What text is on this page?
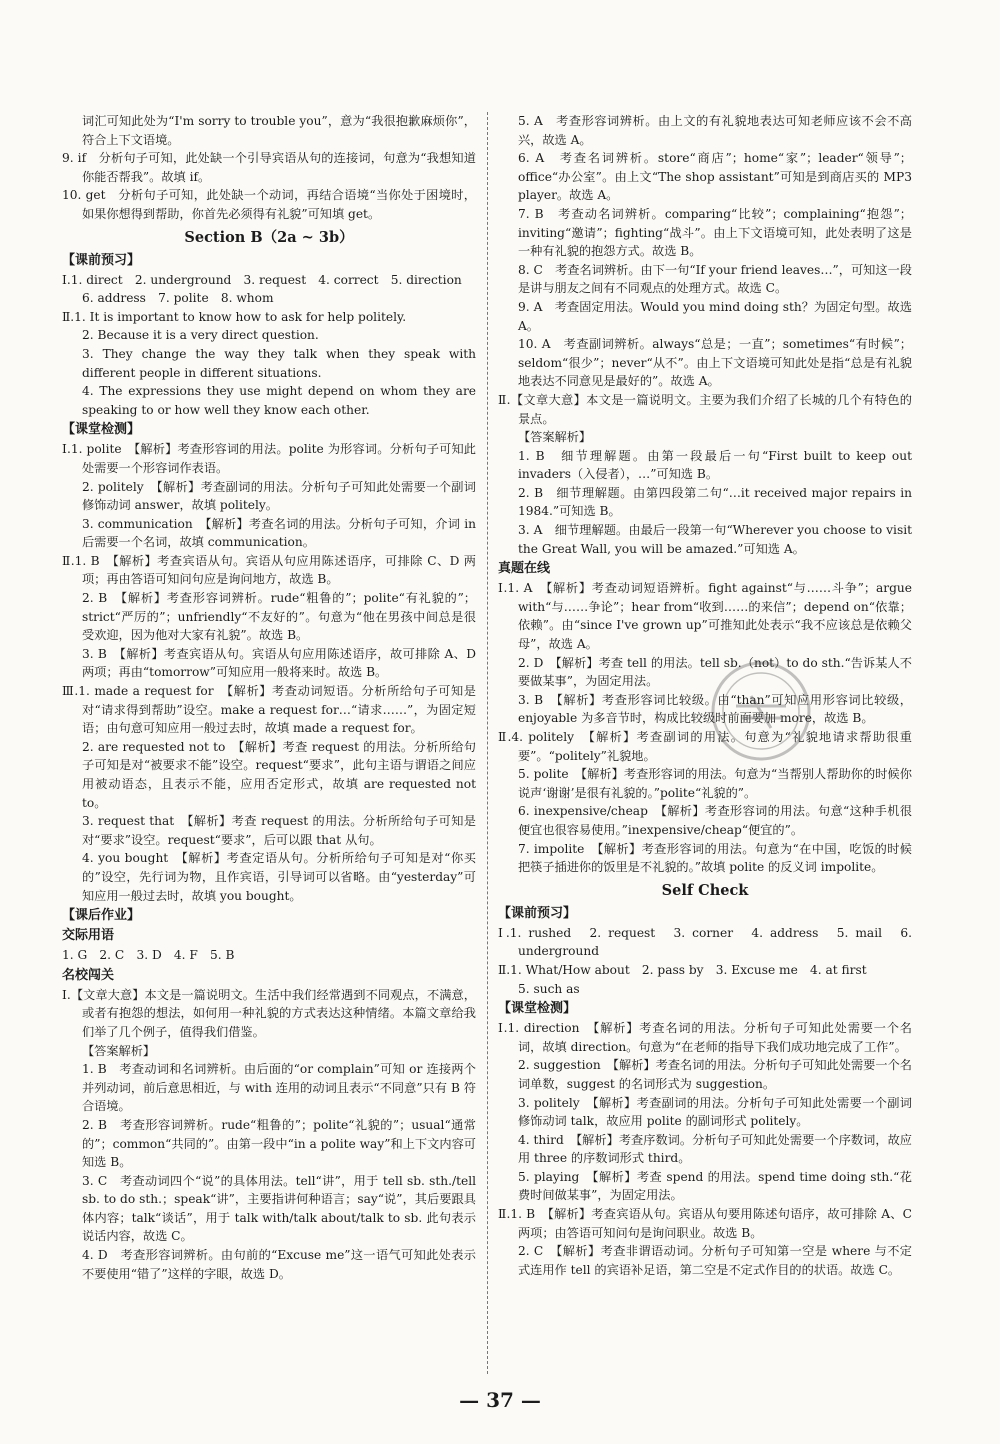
词汇可知此处为“I'm sorry to trouble you”，意为“我很抱歉麻烦你”，符合上下文语境。

9. if　分析句子可知，此处缺一个引导宾语从句的连接词，句意为“我想知道你能否帮我”。故填 if。

10. get　分析句子可知，此处缺一个动词，再结合语境“当你处于困境时，如果你想得到帮助，你首先必须得有礼貌”可知填 get。

Section B（2a ~ 3b）
【课前预习】

Ⅰ.1. direct　2. underground　3. request　4. correct　5. direction

6. address　7. polite　8. whom

Ⅱ.1. It is important to know how to ask for help politely.

2. Because it is a very direct question.

3. They change the way they talk when they speak with different people in different situations.

4. The expressions they use might depend on whom they are speaking to or how well they know each other.

【课堂检测】

Ⅰ.1. polite　【解析】考查形容词的用法。polite 为形容词。分析句子可知此处需要一个形容词作表语。

2. politely　【解析】考查副词的用法。分析句子可知此处需要一个副词修饰动词 answer，故填 politely。

3. communication　【解析】考查名词的用法。分析句子可知，介词 in 后需要一个名词，故填 communication。

Ⅱ.1. B　【解析】考查宾语从句。宾语从句应用陈述语序，可排除 C、D 两项；再由答语可知问句应是询问地方，故选 B。

2. B　【解析】考查形容词辨析。rude“粗鲁的”；polite“有礼貌的”；strict“严厉的”；unfriendly“不友好的”。句意为“他在男孩中间总是很受欢迎，因为他对大家有礼貌”。故选 B。

3. B　【解析】考查宾语从句。宾语从句应用陈述语序，故可排除 A、D 两项；再由“tomorrow”可知应用一般将来时。故选 B。

Ⅲ.1. made a request for　【解析】考查动词短语。分析所给句子可知是对“请求得到帮助”设空。make a request for…“请求……”，为固定短语；由句意可知应用一般过去时，故填 made a request for。

2. are requested not to　【解析】考查 request 的用法。分析所给句子可知是对“被要求不能”设空。request“要求”，此句主语与谓语之间应用被动语态，且表示不能，应用否定形式，故填 are requested not to。

3. request that　【解析】考查 request 的用法。分析所给句子可知是对“要求”设空。request“要求”，后可以跟 that 从句。

4. you bought　【解析】考查定语从句。分析所给句子可知是对“你买的”设空，先行词为物，且作宾语，引导词可以省略。由“yesterday”可知应用一般过去时，故填 you bought。

【课后作业】
交际用语

1. G　2. C　3. D　4. F　5. B

名校闯关

Ⅰ.【文章大意】本文是一篇说明文。生活中我们经常遇到不同观点，不满意，或者有抱怨的想法，如何用一种礼貌的方式表达这种情绪。本篇文章给我们举了几个例子，值得我们借鉴。

【答案解析】

1. B　考查动词和名词辨析。由后面的“or complain”可知 or 连接两个并列动词，前后意思相近，与 with 连用的动词且表示“不同意”只有 B 符合语境。

2. B　考查形容词辨析。rude“粗鲁的”；polite“礼貌的”；usual“通常的”；common“共同的”。由第一段中“in a polite way”和上下文内容可知选 B。

3. C　考查动词四个“说”的具体用法。tell“讲”，用于 tell sb. sth./tell sb. to do sth.；speak“讲”，主要指讲何种语言；say“说”，其后要跟具体内容；talk“谈话”，用于 talk with/talk about/talk to sb. 此句表示说话内容，故选 C。

4. D　考查形容词辨析。由句前的“Excuse me”这一语气可知此处表示不要使用“错了”这样的字眼，故选 D。

5. A　考查形容词辨析。由上文的有礼貌地表达可知老师应该不会不高兴，故选 A。

6. A　考查名词辨析。store“商店”；home“家”；leader“领导”；office“办公室”。由上文“The shop assistant”可知是到商店买的 MP3 player。故选 A。

7. B　考查动名词辨析。comparing“比较”；complaining“抱怨”；inviting“邀请”；fighting“战斗”。由上下文语境可知，此处表明了这是一种有礼貌的抱怨方式。故选 B。

8. C　考查名词辨析。由下一句“If your friend leaves…”，可知这一段是讲与朋友之间有不同观点的处理方式。故选 C。

9. A　考查固定用法。Would you mind doing sth？为固定句型。故选 A。

10. A　考查副词辨析。always“总是；一直”；sometimes“有时候”；seldom“很少”；never“从不”。由上下文语境可知此处是指“总是有礼貌地表达不同意见是最好的”。故选 A。

Ⅱ.【文章大意】本文是一篇说明文。主要为我们介绍了长城的几个有特色的景点。

【答案解析】

1. B　细节理解题。由第一段最后一句“First built to keep out invaders（入侵者），…”可知选 B。

2. B　细节理解题。由第四段第二句“…it received major repairs in 1984.”可知选 B。

3. A　细节理解题。由最后一段第一句“Wherever you choose to visit the Great Wall, you will be amazed.”可知选 A。

真题在线

Ⅰ.1. A　【解析】考查动词短语辨析。fight against“与……斗争”；argue with“与……争论”；hear from“收到……的来信”；depend on“依靠；依赖”。由“since I've grown up”可推知此处表示“我不应该总是依赖父母”，故选 A。

2. D　【解析】考查 tell 的用法。tell sb.（not）to do sth.“告诉某人不要做某事”，为固定用法。

3. B　【解析】考查形容词比较级。由“than”可知应用形容词比较级，enjoyable 为多音节时，构成比较级时前面要加 more，故选 B。

Ⅱ.4. politely　【解析】考查副词的用法。句意为“礼貌地请求帮助很重要”。“politely”礼貌地。

5. polite　【解析】考查形容词的用法。句意为“当帮别人帮助你的时候你说声‘谢谢’是很有礼貌的。”polite“礼貌的”。

6. inexpensive/cheap　【解析】考查形容词的用法。句意“这种手机很便宜也很容易使用。”inexpensive/cheap“便宜的”。

7. impolite　【解析】考查形容词的用法。句意为“在中国，吃饭的时候把筷子插进你的饭里是不礼貌的。”故填 polite 的反义词 impolite。

Self Check
【课前预习】

Ⅰ.1. rushed　2. request　3. corner　4. address　5. mail　6. underground

Ⅱ.1. What/How about　2. pass by　3. Excuse me　4. at first

5. such as

【课堂检测】

Ⅰ.1. direction　【解析】考查名词的用法。分析句子可知此处需要一个名词，故填 direction。句意为“在老师的指导下我们成功地完成了工作”。

2. suggestion　【解析】考查名词的用法。分析句子可知此处需要一个名词单数，suggest 的名词形式为 suggestion。

3. politely　【解析】考查副词的用法。分析句子可知此处需要一个副词修饰动词 talk，故应用 polite 的副词形式 politely。

4. third　【解析】考查序数词。分析句子可知此处需要一个序数词，故应用 three 的序数词形式 third。

5. playing　【解析】考查 spend 的用法。spend time doing sth.“花费时间做某事”，为固定用法。

Ⅱ.1. B　【解析】考查宾语从句。宾语从句要用陈述句语序，故可排除 A、C 两项；由答语可知问句是询问职业。故选 B。

2. C　【解析】考查非谓语动词。分析句子可知第一空是 where 与不定式连用作 tell 的宾语补足语，第二空是不定式作目的的状语。故选 C。

— 37 —
